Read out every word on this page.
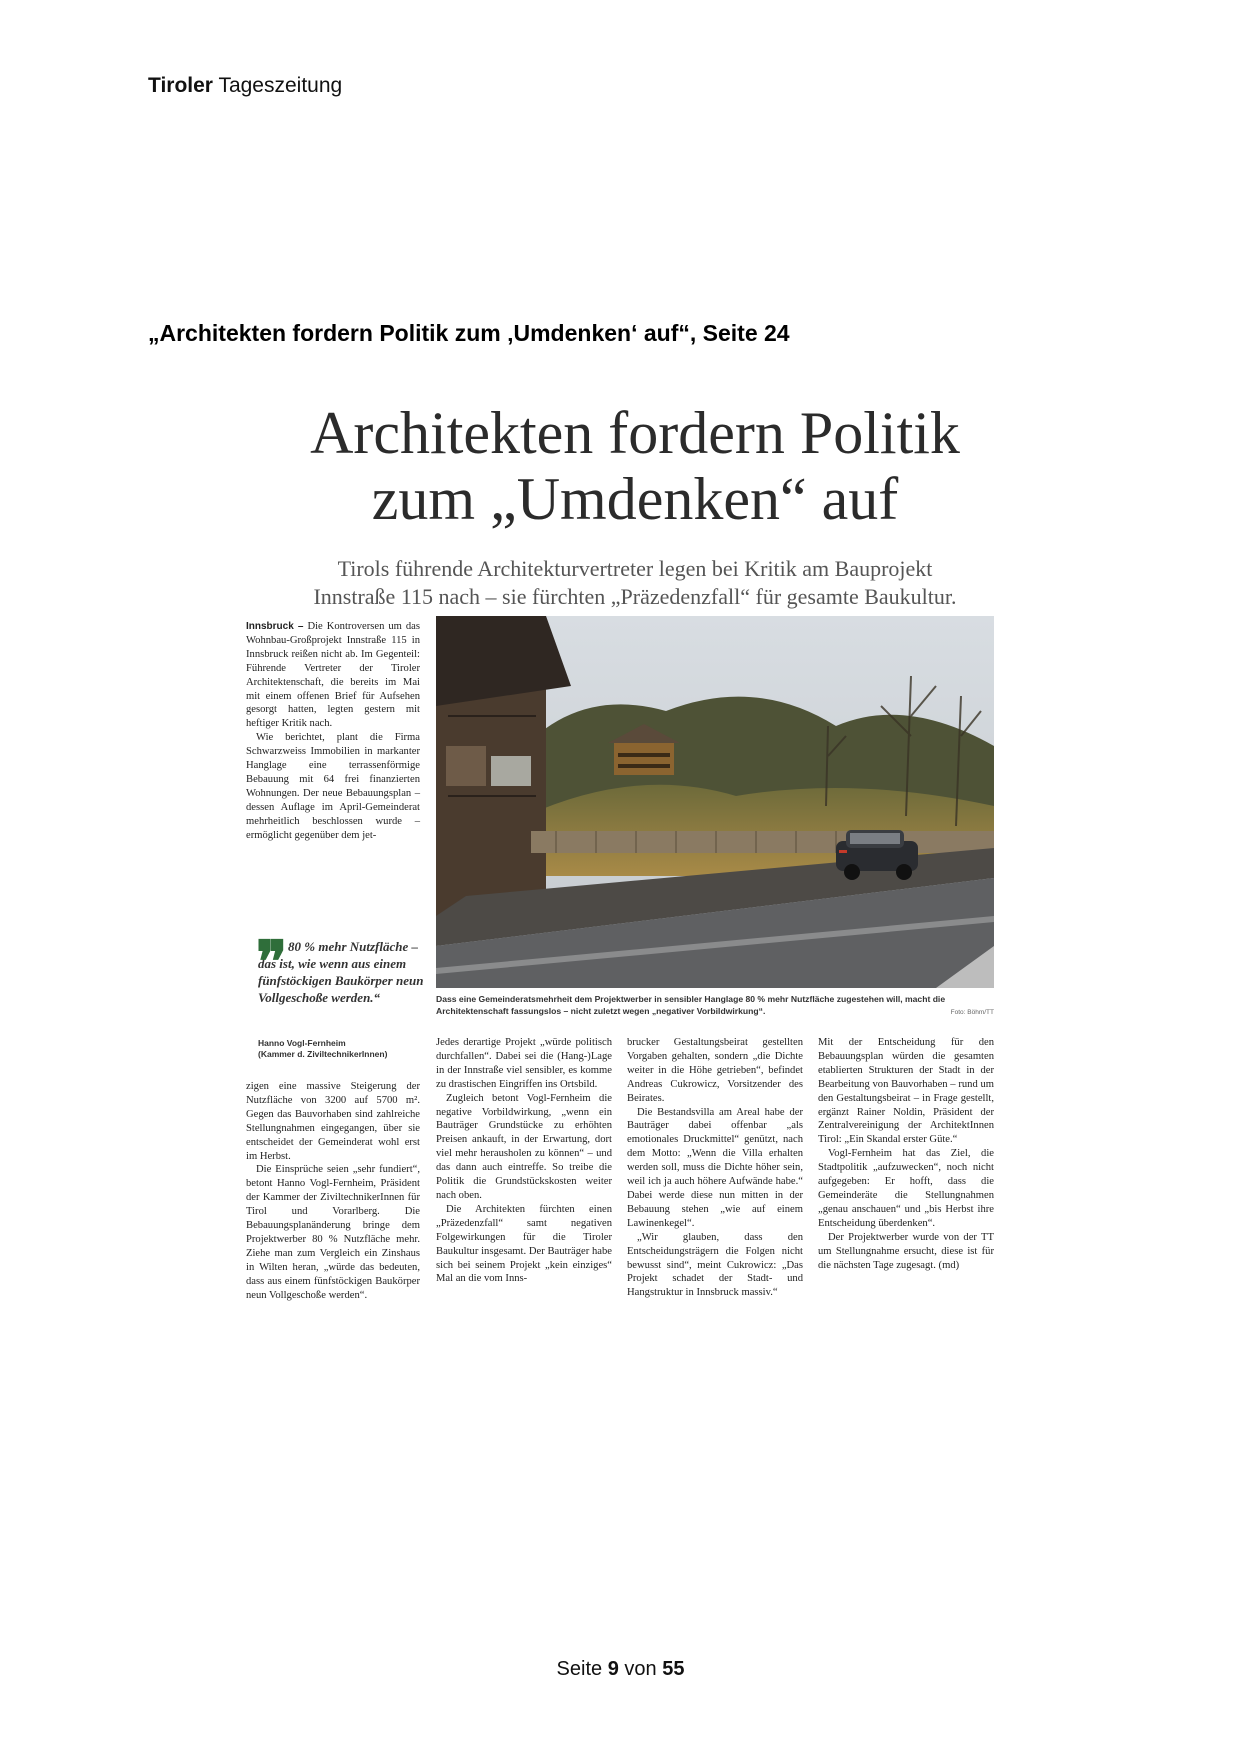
Tiroler Tageszeitung
„Architekten fordern Politik zum ‚Umdenken‘ auf“, Seite 24
Architekten fordern Politik
zum „Umdenken“ auf
Tirols führende Architekturvertreter legen bei Kritik am Bauprojekt
Innstraße 115 nach – sie fürchten „Präzedenzfall“ für gesamte Baukultur.

Innsbruck – Die Kontroversen um das Wohnbau-Großprojekt Innstraße 115 in Innsbruck reißen nicht ab. Im Gegenteil: Führende Vertreter der Tiroler Architektenschaft, die bereits im Mai mit einem offenen Brief für Aufsehen gesorgt hatten, legten gestern mit heftiger Kritik nach.

Wie berichtet, plant die Firma Schwarzweiss Immobilien in markanter Hanglage eine terrassenförmige Bebauung mit 64 frei finanzierten Wohnungen. Der neue Bebauungsplan – dessen Auflage im April-Gemeinderat mehrheitlich beschlossen wurde – ermöglicht gegenüber dem jet-

❞ 80 % mehr Nutzfläche – das ist, wie wenn aus einem fünfstöckigen Baukörper neun Vollgeschoße werden.“
Hanno Vogl-Fernheim
(Kammer d. ZiviltechnikerInnen)

zigen eine massive Steigerung der Nutzfläche von 3200 auf 5700 m². Gegen das Bauvorhaben sind zahlreiche Stellungnahmen eingegangen, über sie entscheidet der Gemeinderat wohl erst im Herbst.

Die Einsprüche seien „sehr fundiert“, betont Hanno Vogl-Fernheim, Präsident der Kammer der ZiviltechnikerInnen für Tirol und Vorarlberg. Die Bebauungsplanänderung bringe dem Projektwerber 80 % Nutzfläche mehr. Ziehe man zum Vergleich ein Zinshaus in Wilten heran, „würde das bedeuten, dass aus einem fünfstöckigen Baukörper neun Vollgeschoße werden“.

Dass eine Gemeinderatsmehrheit dem Projektwerber in sensibler Hanglage 80 % mehr Nutzfläche zugestehen will, macht die Architektenschaft fassungslos – nicht zuletzt wegen „negativer Vorbildwirkung“.	Foto: Böhm/TT

Jedes derartige Projekt „würde politisch durchfallen“. Dabei sei die (Hang-)Lage in der Innstraße viel sensibler, es komme zu drastischen Eingriffen ins Ortsbild.

Zugleich betont Vogl-Fernheim die negative Vorbildwirkung, „wenn ein Bauträger Grundstücke zu erhöhten Preisen ankauft, in der Erwartung, dort viel mehr herausholen zu können“ – und das dann auch eintreffe. So treibe die Politik die Grundstückskosten weiter nach oben.

Die Architekten fürchten einen „Präzedenzfall“ samt negativen Folgewirkungen für die Tiroler Baukultur insgesamt. Der Bauträger habe sich bei seinem Projekt „kein einziges“ Mal an die vom Inns-

brucker Gestaltungsbeirat gestellten Vorgaben gehalten, sondern „die Dichte weiter in die Höhe getrieben“, befindet Andreas Cukrowicz, Vorsitzender des Beirates.

Die Bestandsvilla am Areal habe der Bauträger dabei offenbar „als emotionales Druckmittel“ genützt, nach dem Motto: „Wenn die Villa erhalten werden soll, muss die Dichte höher sein, weil ich ja auch höhere Aufwände habe.“ Dabei werde diese nun mitten in der Bebauung stehen „wie auf einem Lawinenkegel“.

„Wir glauben, dass den Entscheidungsträgern die Folgen nicht bewusst sind“, meint Cukrowicz: „Das Projekt schadet der Stadt- und Hangstruktur in Innsbruck massiv.“

Mit der Entscheidung für den Bebauungsplan würden die gesamten etablierten Strukturen der Stadt in der Bearbeitung von Bauvorhaben – rund um den Gestaltungsbeirat – in Frage gestellt, ergänzt Rainer Noldin, Präsident der Zentralvereinigung der ArchitektInnen Tirol: „Ein Skandal erster Güte.“

Vogl-Fernheim hat das Ziel, die Stadtpolitik „aufzuwecken“, noch nicht aufgegeben: Er hofft, dass die Gemeinderäte die Stellungnahmen „genau anschauen“ und „bis Herbst ihre Entscheidung überdenken“.

Der Projektwerber wurde von der TT um Stellungnahme ersucht, diese ist für die nächsten Tage zugesagt. (md)

Seite 9 von 55
